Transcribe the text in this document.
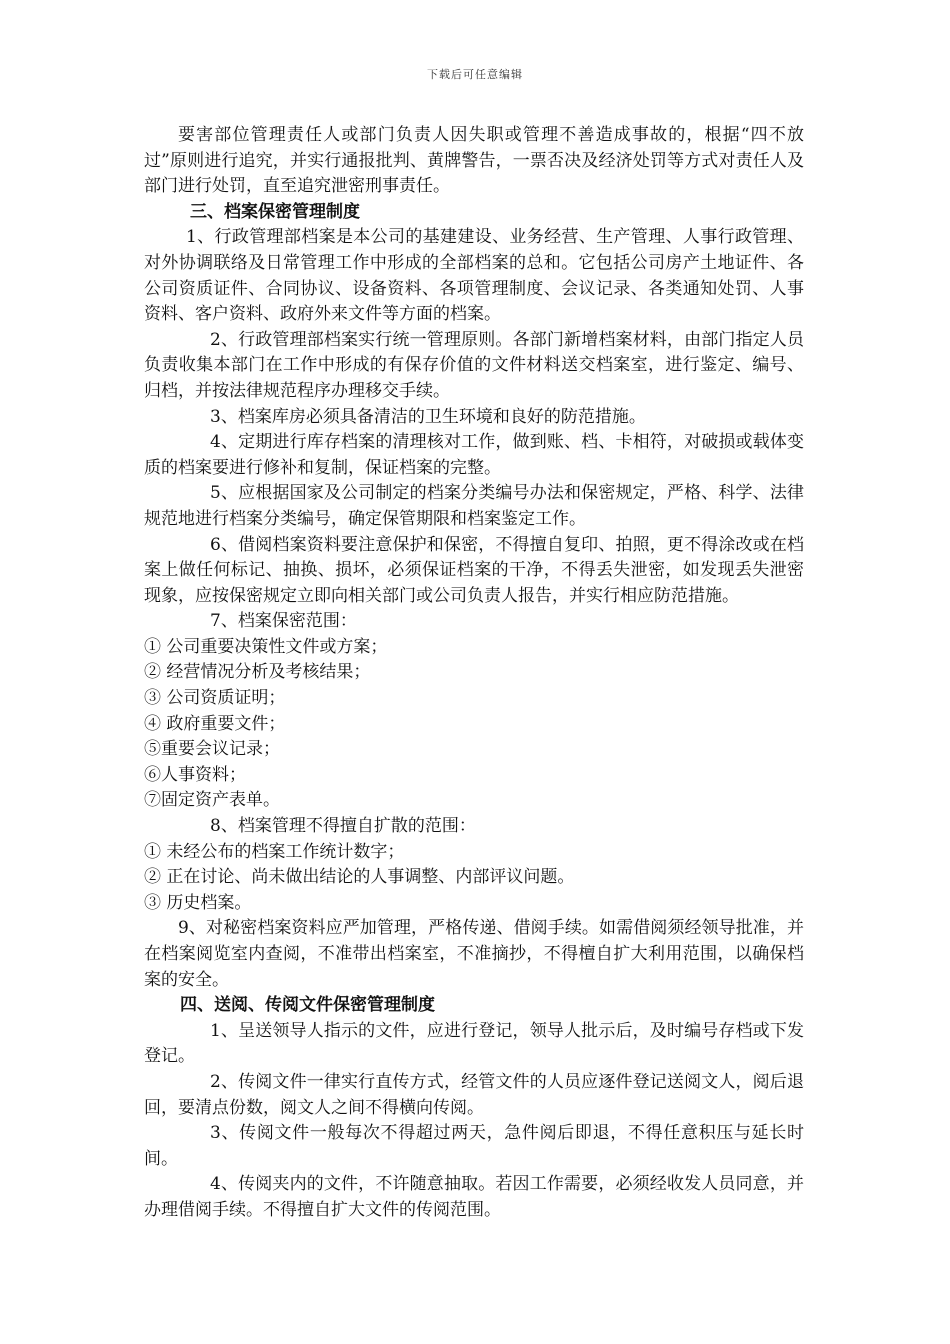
下载后可任意编辑

要害部位管理责任人或部门负责人因失职或管理不善造成事故的，根据“四不放过”原则进行追究，并实行通报批判、黄牌警告，一票否决及经济处罚等方式对责任人及部门进行处罚，直至追究泄密刑事责任。

三、档案保密管理制度

1、行政管理部档案是本公司的基建建设、业务经营、生产管理、人事行政管理、对外协调联络及日常管理工作中形成的全部档案的总和。它包括公司房产土地证件、各公司资质证件、合同协议、设备资料、各项管理制度、会议记录、各类通知处罚、人事资料、客户资料、政府外来文件等方面的档案。

2、行政管理部档案实行统一管理原则。各部门新增档案材料，由部门指定人员负责收集本部门在工作中形成的有保存价值的文件材料送交档案室，进行鉴定、编号、归档，并按法律规范程序办理移交手续。

3、档案库房必须具备清洁的卫生环境和良好的防范措施。

4、定期进行库存档案的清理核对工作，做到账、档、卡相符，对破损或载体变质的档案要进行修补和复制，保证档案的完整。

5、应根据国家及公司制定的档案分类编号办法和保密规定，严格、科学、法律规范地进行档案分类编号，确定保管期限和档案鉴定工作。

6、借阅档案资料要注意保护和保密，不得擅自复印、拍照，更不得涂改或在档案上做任何标记、抽换、损坏，必须保证档案的干净，不得丢失泄密，如发现丢失泄密现象，应按保密规定立即向相关部门或公司负责人报告，并实行相应防范措施。

7、档案保密范围：

① 公司重要决策性文件或方案；

② 经营情况分析及考核结果；

③ 公司资质证明；

④ 政府重要文件；

⑤重要会议记录；

⑥人事资料；

⑦固定资产表单。

8、档案管理不得擅自扩散的范围：

① 未经公布的档案工作统计数字；

② 正在讨论、尚未做出结论的人事调整、内部评议问题。

③ 历史档案。

9、对秘密档案资料应严加管理，严格传递、借阅手续。如需借阅须经领导批准，并在档案阅览室内查阅，不准带出档案室，不准摘抄，不得檀自扩大利用范围，以确保档案的安全。

四、送阅、传阅文件保密管理制度

1、呈送领导人指示的文件，应进行登记，领导人批示后，及时编号存档或下发登记。

2、传阅文件一律实行直传方式，经管文件的人员应逐件登记送阅文人，阅后退回，要清点份数，阅文人之间不得横向传阅。

3、传阅文件一般每次不得超过两天，急件阅后即退，不得任意积压与延长时间。

4、传阅夹内的文件，不许随意抽取。若因工作需要，必须经收发人员同意，并办理借阅手续。不得擅自扩大文件的传阅范围。
